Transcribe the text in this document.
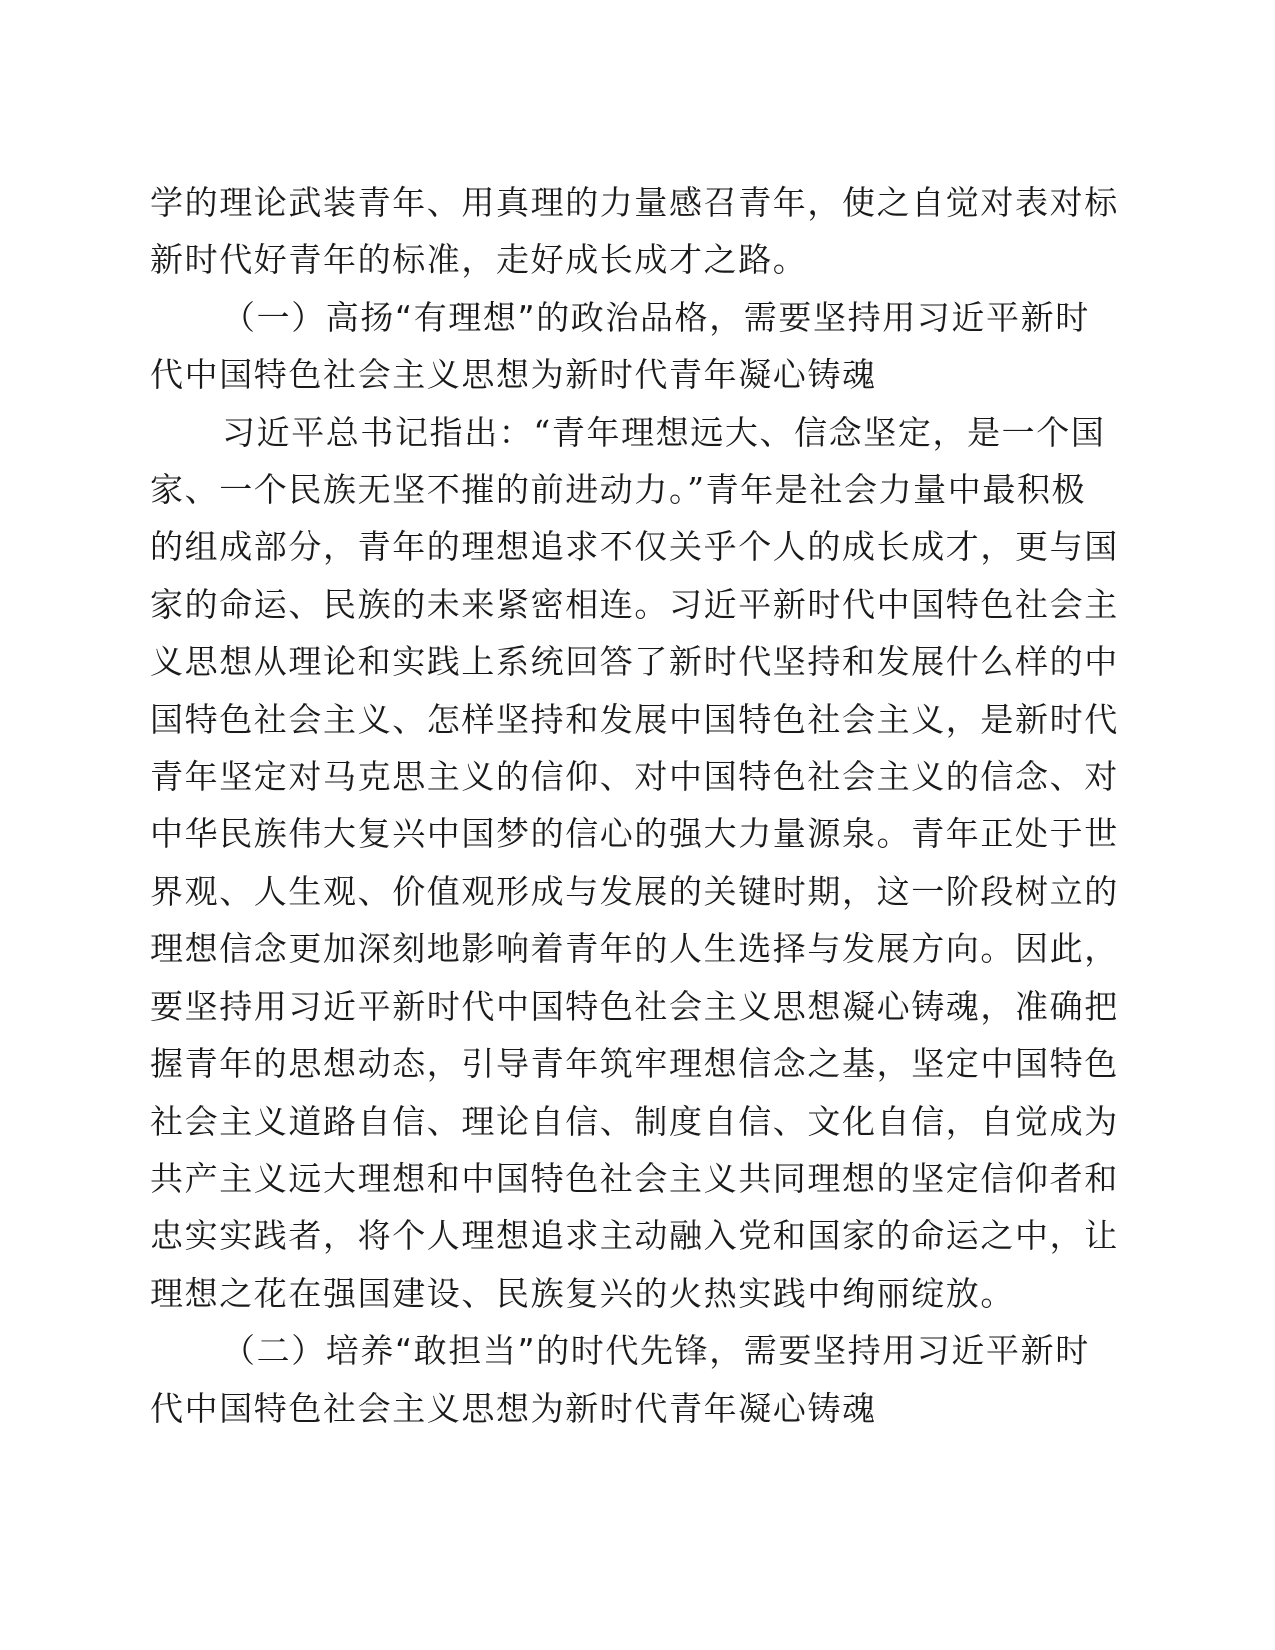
学的理论武装青年、用真理的力量感召青年，使之自觉对表对标
新时代好青年的标准，走好成长成才之路。

（一）高扬“有理想”的政治品格，需要坚持用习近平新时
代中国特色社会主义思想为新时代青年凝心铸魂

习近平总书记指出：“青年理想远大、信念坚定，是一个国
家、一个民族无坚不摧的前进动力。”青年是社会力量中最积极
的组成部分，青年的理想追求不仅关乎个人的成长成才，更与国
家的命运、民族的未来紧密相连。习近平新时代中国特色社会主
义思想从理论和实践上系统回答了新时代坚持和发展什么样的中
国特色社会主义、怎样坚持和发展中国特色社会主义，是新时代
青年坚定对马克思主义的信仰、对中国特色社会主义的信念、对
中华民族伟大复兴中国梦的信心的强大力量源泉。青年正处于世
界观、人生观、价值观形成与发展的关键时期，这一阶段树立的
理想信念更加深刻地影响着青年的人生选择与发展方向。因此，
要坚持用习近平新时代中国特色社会主义思想凝心铸魂，准确把
握青年的思想动态，引导青年筑牢理想信念之基，坚定中国特色
社会主义道路自信、理论自信、制度自信、文化自信，自觉成为
共产主义远大理想和中国特色社会主义共同理想的坚定信仰者和
忠实实践者，将个人理想追求主动融入党和国家的命运之中，让
理想之花在强国建设、民族复兴的火热实践中绚丽绽放。

（二）培养“敢担当”的时代先锋，需要坚持用习近平新时
代中国特色社会主义思想为新时代青年凝心铸魂
